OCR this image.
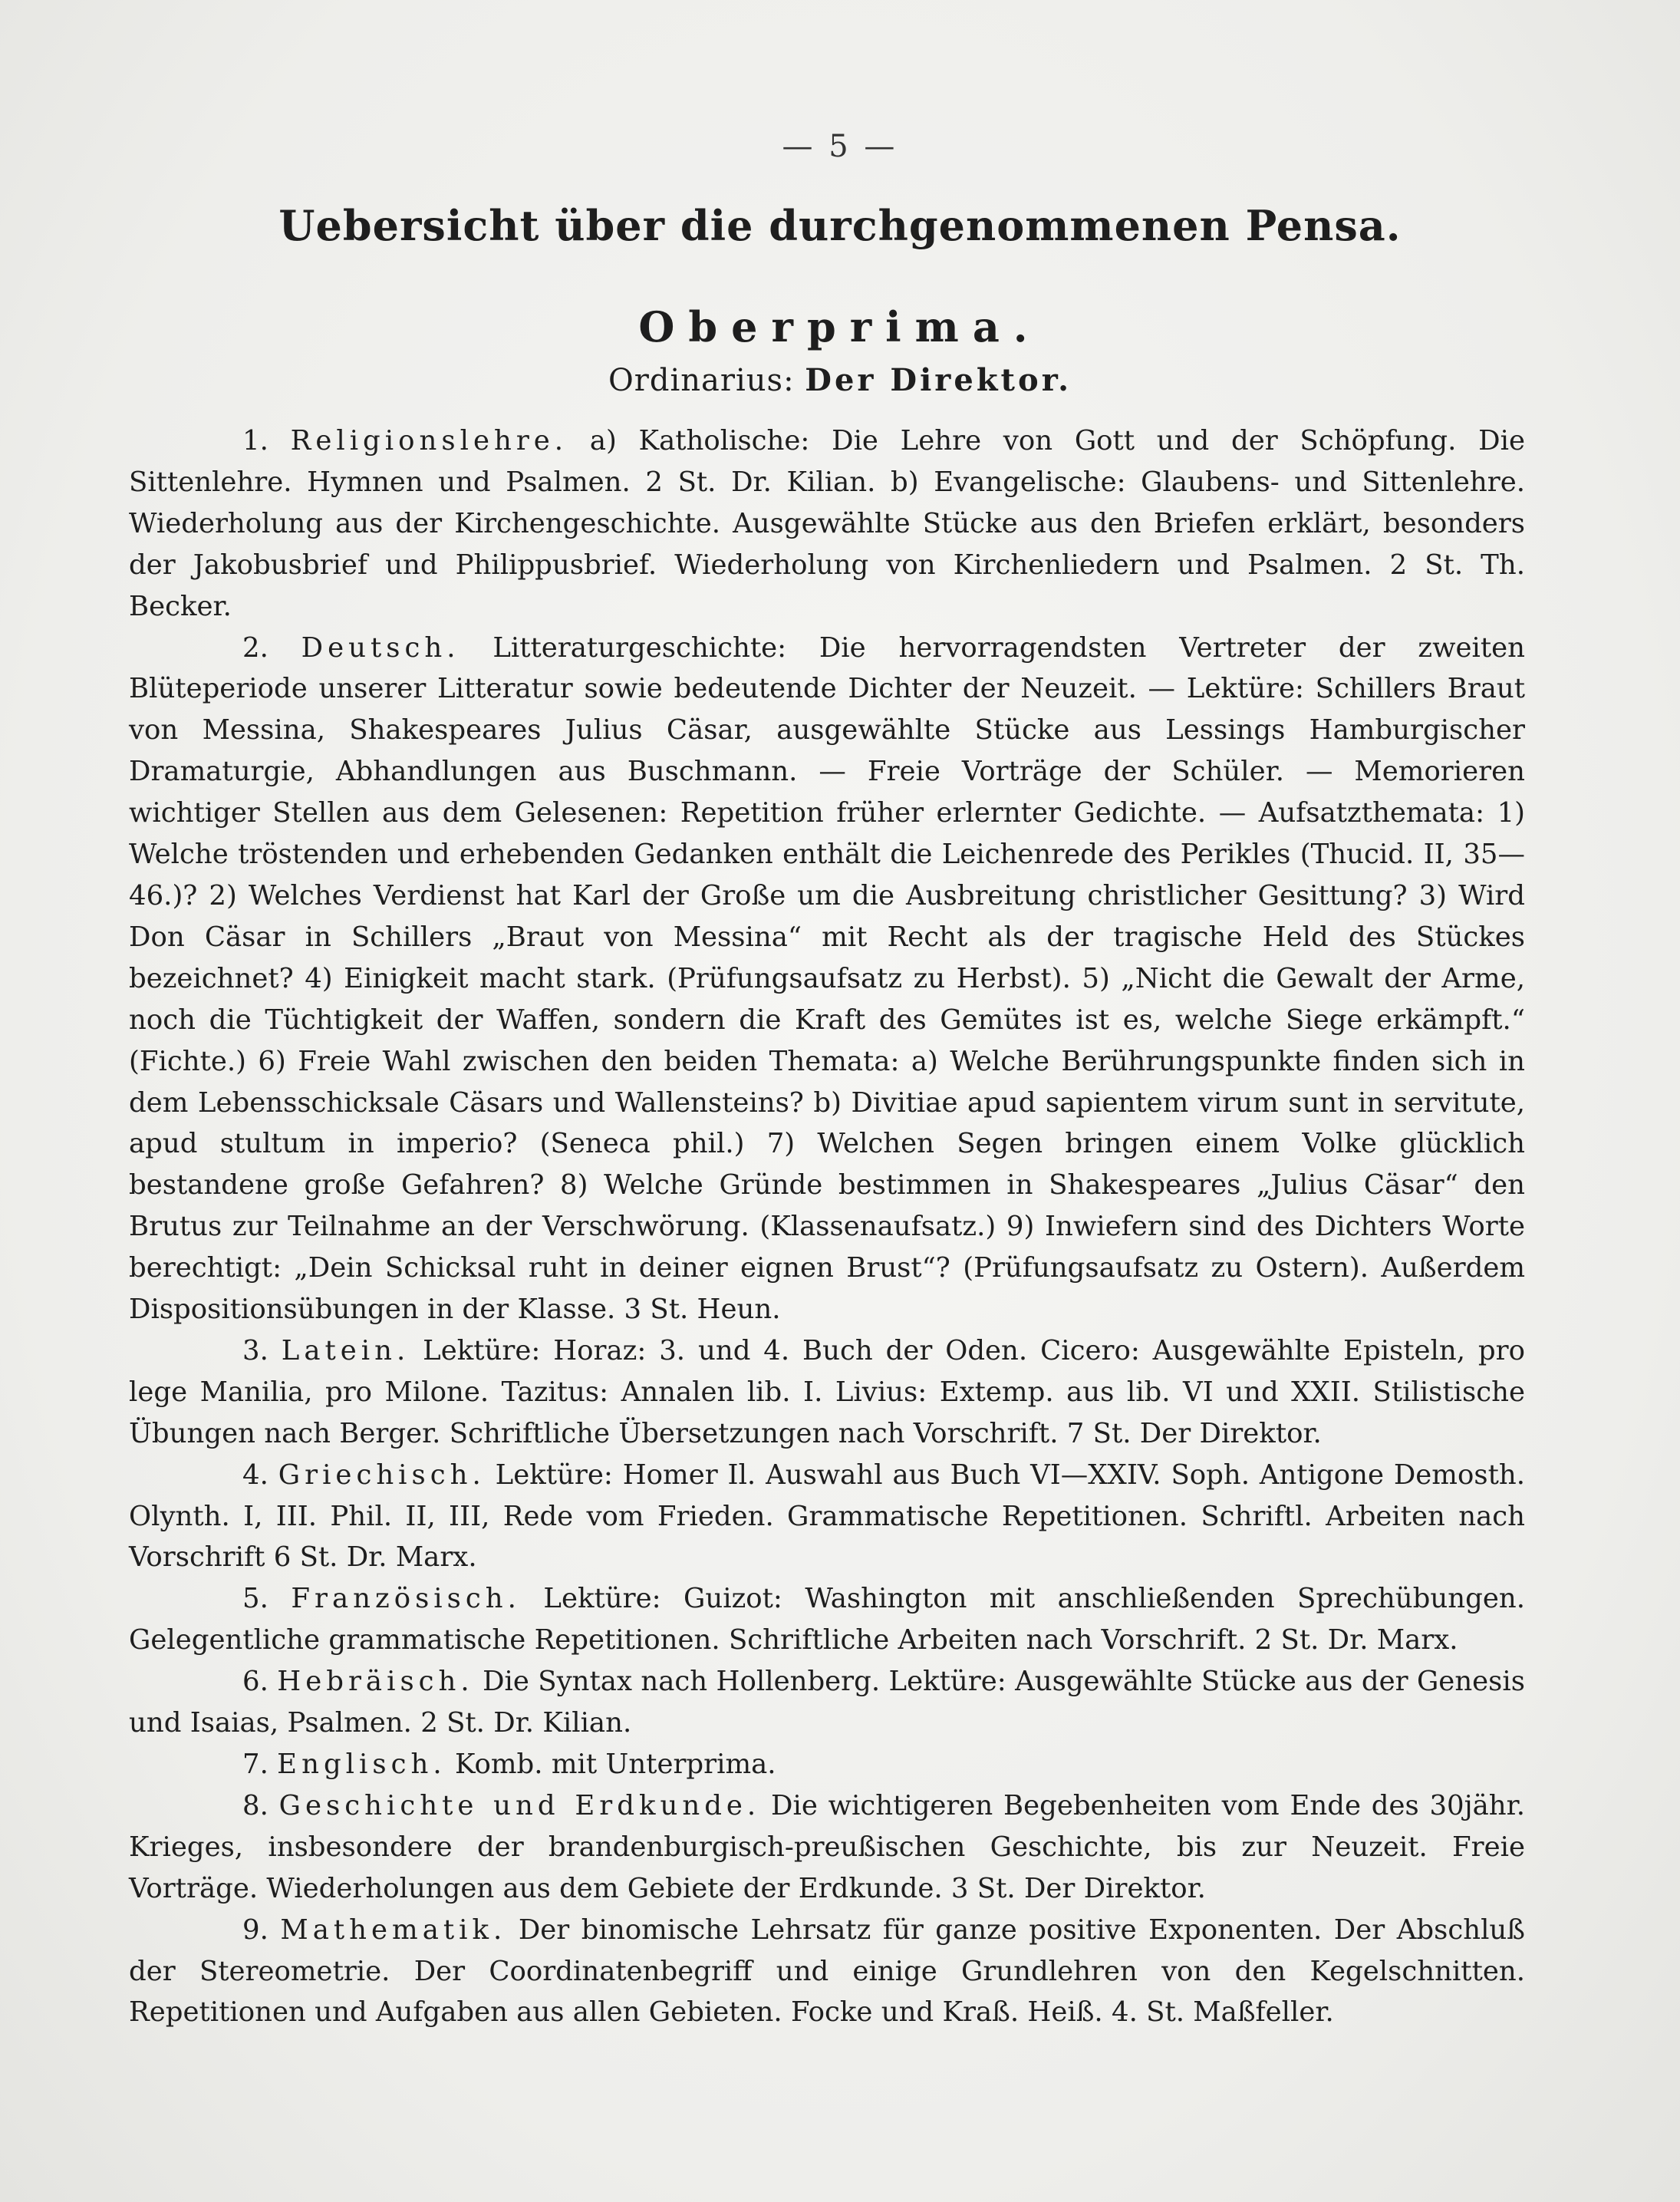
— 5 —
Uebersicht über die durchgenommenen Pensa.
Oberprima.
Ordinarius: Der Direktor.

1. Religionslehre. a) Katholische: Die Lehre von Gott und der Schöpfung. Die Sittenlehre. Hymnen und Psalmen. 2 St. Dr. Kilian. b) Evangelische: Glaubens- und Sittenlehre. Wiederholung aus der Kirchengeschichte. Ausgewählte Stücke aus den Briefen erklärt, besonders der Jakobusbrief und Philippusbrief. Wiederholung von Kirchenliedern und Psalmen. 2 St. Th. Becker.

2. Deutsch. Litteraturgeschichte: Die hervorragendsten Vertreter der zweiten Blüteperiode unserer Litteratur sowie bedeutende Dichter der Neuzeit. — Lektüre: Schillers Braut von Messina, Shakespeares Julius Cäsar, ausgewählte Stücke aus Lessings Hamburgischer Dramaturgie, Abhandlungen aus Buschmann. — Freie Vorträge der Schüler. — Memorieren wichtiger Stellen aus dem Gelesenen: Repetition früher erlernter Gedichte. — Aufsatzthemata: 1) Welche tröstenden und erhebenden Gedanken enthält die Leichenrede des Perikles (Thucid. II, 35—46.)? 2) Welches Verdienst hat Karl der Große um die Ausbreitung christlicher Gesittung? 3) Wird Don Cäsar in Schillers „Braut von Messina“ mit Recht als der tragische Held des Stückes bezeichnet? 4) Einigkeit macht stark. (Prüfungsaufsatz zu Herbst). 5) „Nicht die Gewalt der Arme, noch die Tüchtigkeit der Waffen, sondern die Kraft des Gemütes ist es, welche Siege erkämpft.“ (Fichte.) 6) Freie Wahl zwischen den beiden Themata: a) Welche Berührungspunkte finden sich in dem Lebensschicksale Cäsars und Wallensteins? b) Divitiae apud sapientem virum sunt in servitute, apud stultum in imperio? (Seneca phil.) 7) Welchen Segen bringen einem Volke glücklich bestandene große Gefahren? 8) Welche Gründe bestimmen in Shakespeares „Julius Cäsar“ den Brutus zur Teilnahme an der Verschwörung. (Klassenaufsatz.) 9) Inwiefern sind des Dichters Worte berechtigt: „Dein Schicksal ruht in deiner eignen Brust“? (Prüfungsaufsatz zu Ostern). Außerdem Dispositionsübungen in der Klasse. 3 St. Heun.

3. Latein. Lektüre: Horaz: 3. und 4. Buch der Oden. Cicero: Ausgewählte Episteln, pro lege Manilia, pro Milone. Tazitus: Annalen lib. I. Livius: Extemp. aus lib. VI und XXII. Stilistische Übungen nach Berger. Schriftliche Übersetzungen nach Vorschrift. 7 St. Der Direktor.

4. Griechisch. Lektüre: Homer Il. Auswahl aus Buch VI—XXIV. Soph. Antigone Demosth. Olynth. I, III. Phil. II, III, Rede vom Frieden. Grammatische Repetitionen. Schriftl. Arbeiten nach Vorschrift 6 St. Dr. Marx.

5. Französisch. Lektüre: Guizot: Washington mit anschließenden Sprechübungen. Gelegentliche grammatische Repetitionen. Schriftliche Arbeiten nach Vorschrift. 2 St. Dr. Marx.

6. Hebräisch. Die Syntax nach Hollenberg. Lektüre: Ausgewählte Stücke aus der Genesis und Isaias, Psalmen. 2 St. Dr. Kilian.

7. Englisch. Komb. mit Unterprima.

8. Geschichte und Erdkunde. Die wichtigeren Begebenheiten vom Ende des 30jähr. Krieges, insbesondere der brandenburgisch-preußischen Geschichte, bis zur Neuzeit. Freie Vorträge. Wiederholungen aus dem Gebiete der Erdkunde. 3 St. Der Direktor.

9. Mathematik. Der binomische Lehrsatz für ganze positive Exponenten. Der Abschluß der Stereometrie. Der Coordinatenbegriff und einige Grundlehren von den Kegelschnitten. Repetitionen und Aufgaben aus allen Gebieten. Focke und Kraß. Heiß. 4. St. Maßfeller.
